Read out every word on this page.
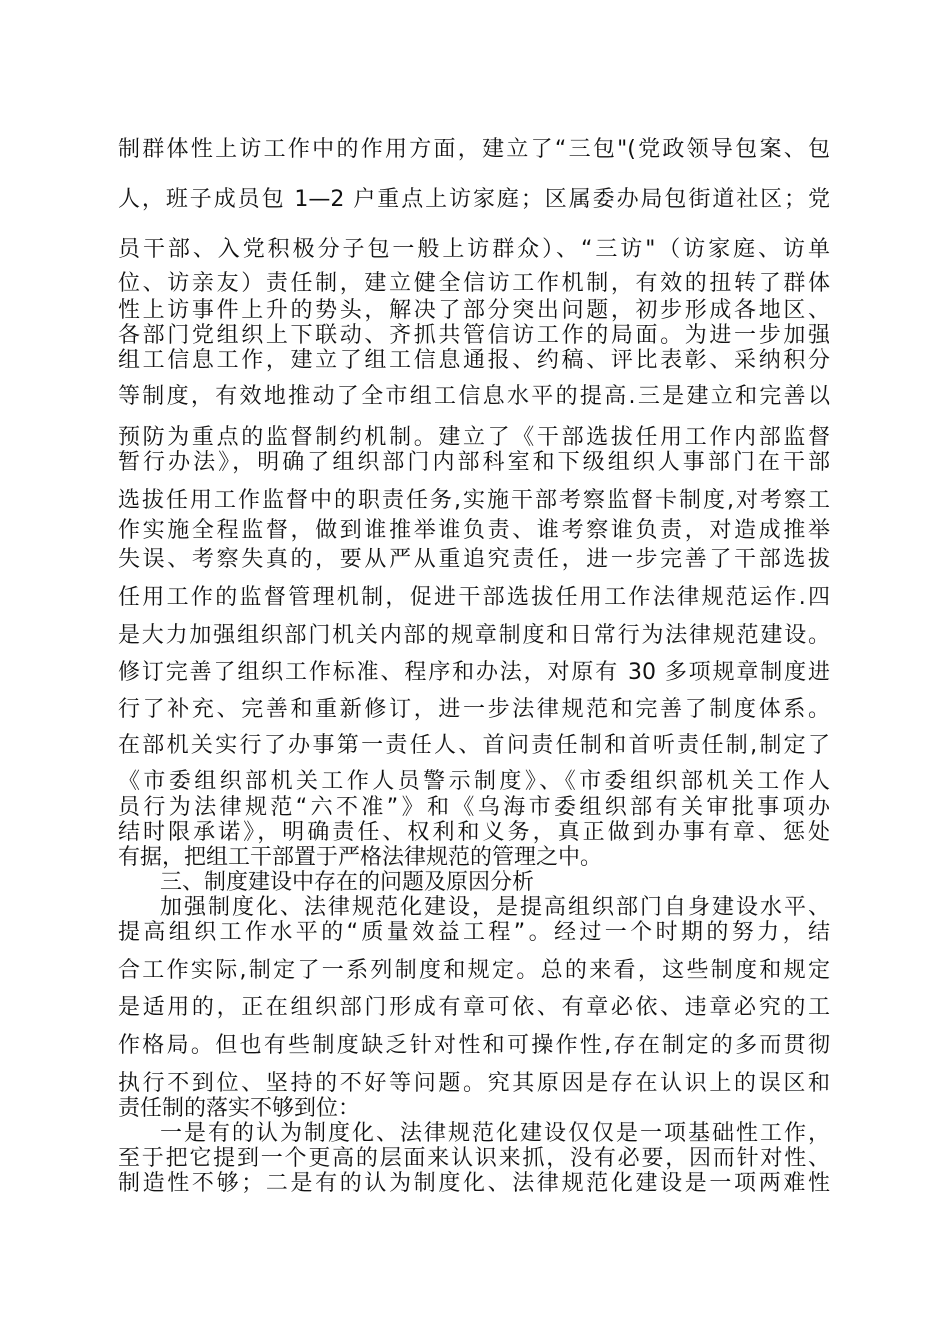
制群体性上访工作中的作用方面，建立了“三包"(党政领导包案、包
人，班子成员包 1—2 户重点上访家庭；区属委办局包街道社区；党
员干部、入党积极分子包一般上访群众）、“三访"（访家庭、访单
位、访亲友）责任制，建立健全信访工作机制，有效的扭转了群体
性上访事件上升的势头，解决了部分突出问题，初步形成各地区、
各部门党组织上下联动、齐抓共管信访工作的局面。为进一步加强
组工信息工作，建立了组工信息通报、约稿、评比表彰、采纳积分
等制度，有效地推动了全市组工信息水平的提高.三是建立和完善以
预防为重点的监督制约机制。建立了《干部选拔任用工作内部监督
暂行办法》，明确了组织部门内部科室和下级组织人事部门在干部
选拔任用工作监督中的职责任务,实施干部考察监督卡制度,对考察工
作实施全程监督，做到谁推举谁负责、谁考察谁负责，对造成推举
失误、考察失真的，要从严从重追究责任，进一步完善了干部选拔
任用工作的监督管理机制，促进干部选拔任用工作法律规范运作.四
是大力加强组织部门机关内部的规章制度和日常行为法律规范建设。
修订完善了组织工作标准、程序和办法，对原有 30 多项规章制度进
行了补充、完善和重新修订，进一步法律规范和完善了制度体系。
在部机关实行了办事第一责任人、首问责任制和首听责任制,制定了
《市委组织部机关工作人员警示制度》、《市委组织部机关工作人
员行为法律规范“六不准”》和《乌海市委组织部有关审批事项办
结时限承诺》，明确责任、权利和义务，真正做到办事有章、惩处
有据，把组工干部置于严格法律规范的管理之中。
三、制度建设中存在的问题及原因分析
加强制度化、法律规范化建设，是提高组织部门自身建设水平、
提高组织工作水平的“质量效益工程”。经过一个时期的努力，结
合工作实际,制定了一系列制度和规定。总的来看，这些制度和规定
是适用的，正在组织部门形成有章可依、有章必依、违章必究的工
作格局。但也有些制度缺乏针对性和可操作性,存在制定的多而贯彻
执行不到位、坚持的不好等问题。究其原因是存在认识上的误区和
责任制的落实不够到位：
一是有的认为制度化、法律规范化建设仅仅是一项基础性工作，
至于把它提到一个更高的层面来认识来抓，没有必要，因而针对性、
制造性不够；二是有的认为制度化、法律规范化建设是一项两难性
